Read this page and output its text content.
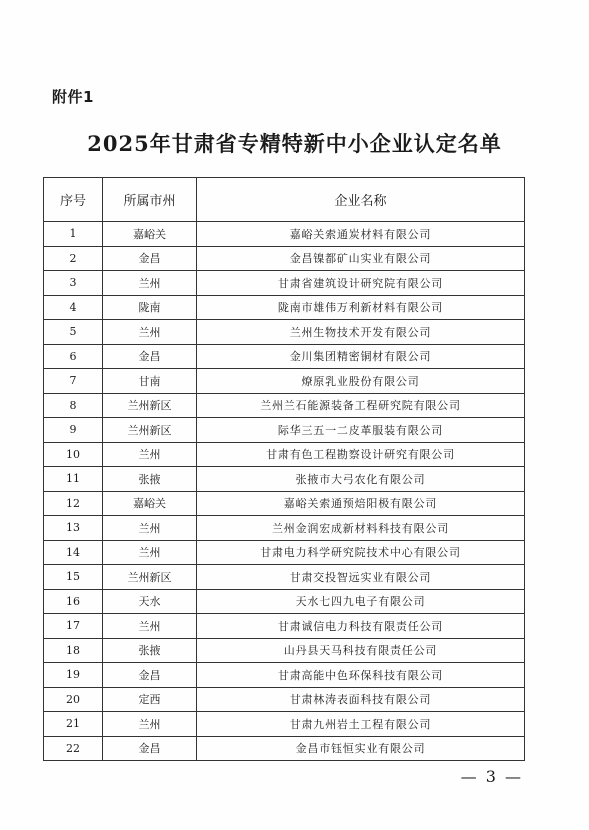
附件1
2025年甘肃省专精特新中小企业认定名单
序号	所属市州	企业名称
1	嘉峪关	嘉峪关索通炭材料有限公司
2	金昌	金昌镍都矿山实业有限公司
3	兰州	甘肃省建筑设计研究院有限公司
4	陇南	陇南市雄伟万利新材料有限公司
5	兰州	兰州生物技术开发有限公司
6	金昌	金川集团精密铜材有限公司
7	甘南	燎原乳业股份有限公司
8	兰州新区	兰州兰石能源装备工程研究院有限公司
9	兰州新区	际华三五一二皮革服装有限公司
10	兰州	甘肃有色工程勘察设计研究有限公司
11	张掖	张掖市大弓农化有限公司
12	嘉峪关	嘉峪关索通预焙阳极有限公司
13	兰州	兰州金润宏成新材料科技有限公司
14	兰州	甘肃电力科学研究院技术中心有限公司
15	兰州新区	甘肃交投智远实业有限公司
16	天水	天水七四九电子有限公司
17	兰州	甘肃诚信电力科技有限责任公司
18	张掖	山丹县天马科技有限责任公司
19	金昌	甘肃高能中色环保科技有限公司
20	定西	甘肃林涛表面科技有限公司
21	兰州	甘肃九州岩土工程有限公司
22	金昌	金昌市钰恒实业有限公司
— 3 —
